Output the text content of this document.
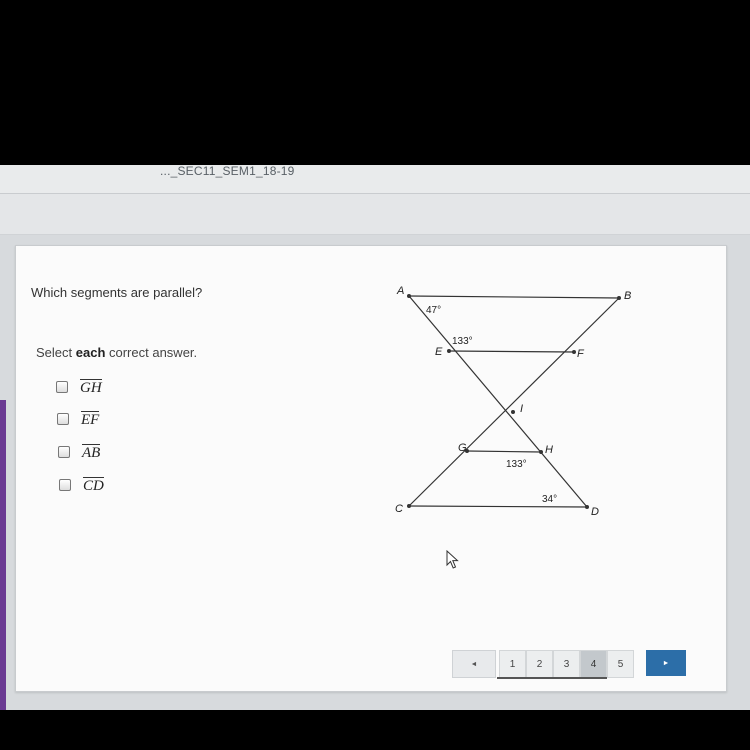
..._SEC11_SEM1_18-19
Which segments are parallel?
Select each correct answer.
GH
EF
AB
CD
A	B
E	F
I
G	H
C	D
47°
133°
133°
34°
◄	1	2	3	4	5	►
